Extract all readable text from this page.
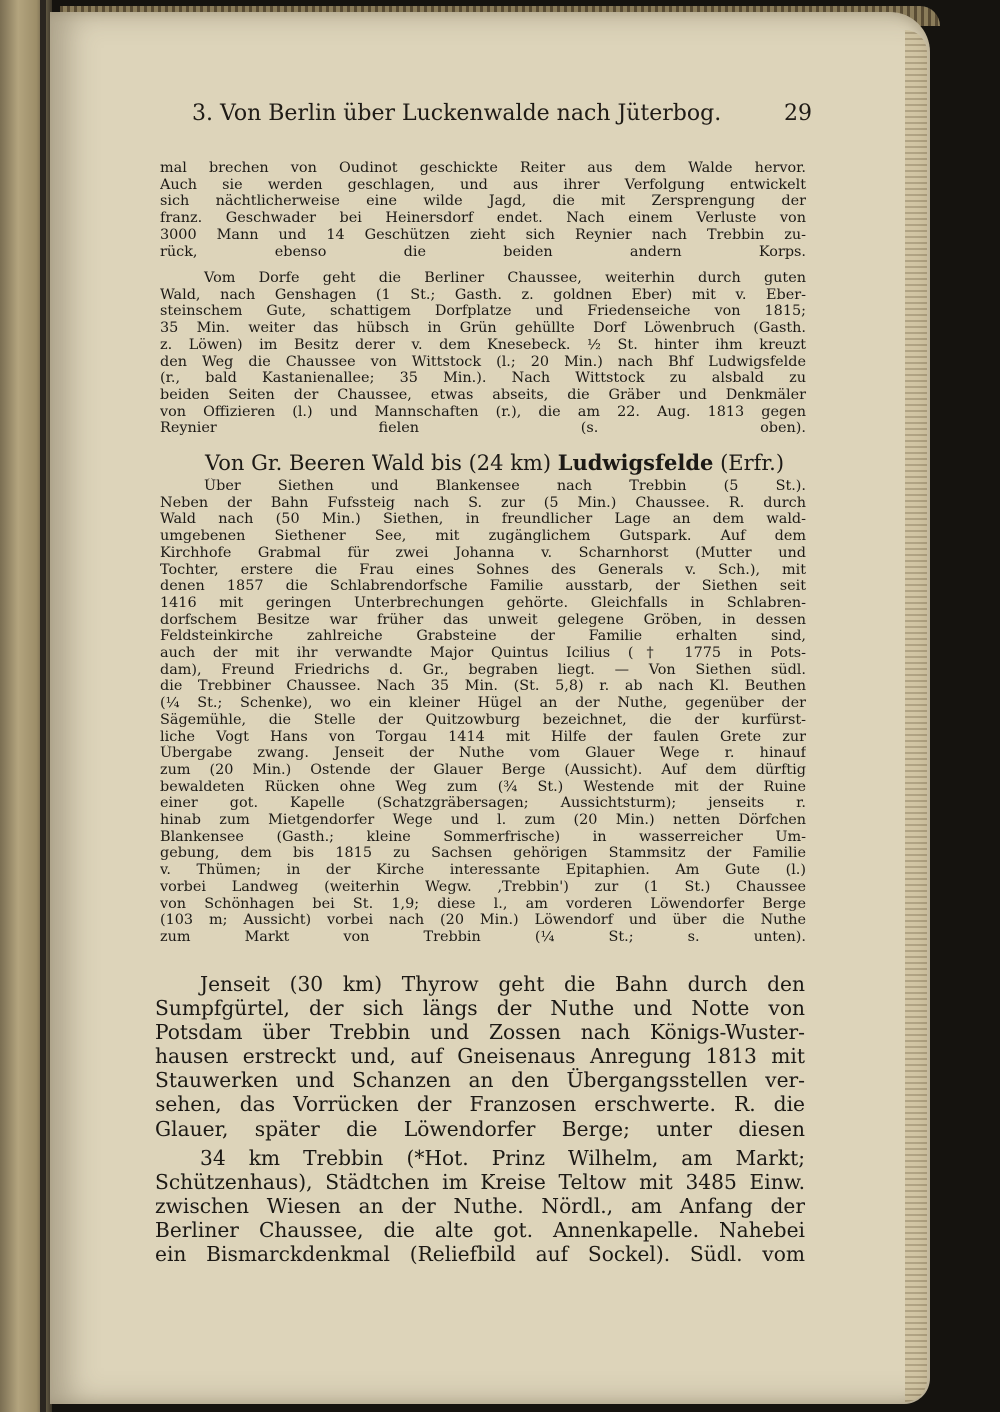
3. Von Berlin über Luckenwalde nach Jüterbog.	29
mal brechen von Oudinot geschickte Reiter aus dem Walde hervor.
Auch sie werden geschlagen, und aus ihrer Verfolgung entwickelt
sich nächtlicherweise eine wilde Jagd, die mit Zersprengung der
franz. Geschwader bei Heinersdorf endet. Nach einem Verluste von
3000 Mann und 14 Geschützen zieht sich Reynier nach Trebbin zu-
rück, ebenso die beiden andern Korps.
Vom Dorfe geht die Berliner Chaussee, weiterhin durch guten
Wald, nach Genshagen (1 St.; Gasth. z. goldnen Eber) mit v. Eber-
steinschem Gute, schattigem Dorfplatze und Friedenseiche von 1815;
35 Min. weiter das hübsch in Grün gehüllte Dorf Löwenbruch (Gasth.
z. Löwen) im Besitz derer v. dem Knesebeck. ½ St. hinter ihm kreuzt
den Weg die Chaussee von Wittstock (l.; 20 Min.) nach Bhf Ludwigsfelde
(r., bald Kastanienallee; 35 Min.). Nach Wittstock zu alsbald zu
beiden Seiten der Chaussee, etwas abseits, die Gräber und Denkmäler
von Offizieren (l.) und Mannschaften (r.), die am 22. Aug. 1813 gegen
Reynier fielen (s. oben).
Von Gr. Beeren Wald bis (24 km) Ludwigsfelde (Erfr.)
Über Siethen und Blankensee nach Trebbin (5 St.).
Neben der Bahn Fufssteig nach S. zur (5 Min.) Chaussee. R. durch
Wald nach (50 Min.) Siethen, in freundlicher Lage an dem wald-
umgebenen Siethener See, mit zugänglichem Gutspark. Auf dem
Kirchhofe Grabmal für zwei Johanna v. Scharnhorst (Mutter und
Tochter, erstere die Frau eines Sohnes des Generals v. Sch.), mit
denen 1857 die Schlabrendorfsche Familie ausstarb, der Siethen seit
1416 mit geringen Unterbrechungen gehörte. Gleichfalls in Schlabren-
dorfschem Besitze war früher das unweit gelegene Gröben, in dessen
Feldsteinkirche zahlreiche Grabsteine der Familie erhalten sind,
auch der mit ihr verwandte Major Quintus Icilius († 1775 in Pots-
dam), Freund Friedrichs d. Gr., begraben liegt. — Von Siethen südl.
die Trebbiner Chaussee. Nach 35 Min. (St. 5,8) r. ab nach Kl. Beuthen
(¼ St.; Schenke), wo ein kleiner Hügel an der Nuthe, gegenüber der
Sägemühle, die Stelle der Quitzowburg bezeichnet, die der kurfürst-
liche Vogt Hans von Torgau 1414 mit Hilfe der faulen Grete zur
Übergabe zwang. Jenseit der Nuthe vom Glauer Wege r. hinauf
zum (20 Min.) Ostende der Glauer Berge (Aussicht). Auf dem dürftig
bewaldeten Rücken ohne Weg zum (¾ St.) Westende mit der Ruine
einer got. Kapelle (Schatzgräbersagen; Aussichtsturm); jenseits r.
hinab zum Mietgendorfer Wege und l. zum (20 Min.) netten Dörfchen
Blankensee (Gasth.; kleine Sommerfrische) in wasserreicher Um-
gebung, dem bis 1815 zu Sachsen gehörigen Stammsitz der Familie
v. Thümen; in der Kirche interessante Epitaphien. Am Gute (l.)
vorbei Landweg (weiterhin Wegw. ‚Trebbin') zur (1 St.) Chaussee
von Schönhagen bei St. 1,9; diese l., am vorderen Löwendorfer Berge
(103 m; Aussicht) vorbei nach (20 Min.) Löwendorf und über die Nuthe
zum Markt von Trebbin (¼ St.; s. unten).
Jenseit (30 km) Thyrow geht die Bahn durch den
Sumpfgürtel, der sich längs der Nuthe und Notte von
Potsdam über Trebbin und Zossen nach Königs-Wuster-
hausen erstreckt und, auf Gneisenaus Anregung 1813 mit
Stauwerken und Schanzen an den Übergangsstellen ver-
sehen, das Vorrücken der Franzosen erschwerte. R. die
Glauer, später die Löwendorfer Berge; unter diesen
34 km Trebbin (*Hot. Prinz Wilhelm, am Markt;
Schützenhaus), Städtchen im Kreise Teltow mit 3485 Einw.
zwischen Wiesen an der Nuthe. Nördl., am Anfang der
Berliner Chaussee, die alte got. Annenkapelle. Nahebei
ein Bismarckdenkmal (Reliefbild auf Sockel). Südl. vom
